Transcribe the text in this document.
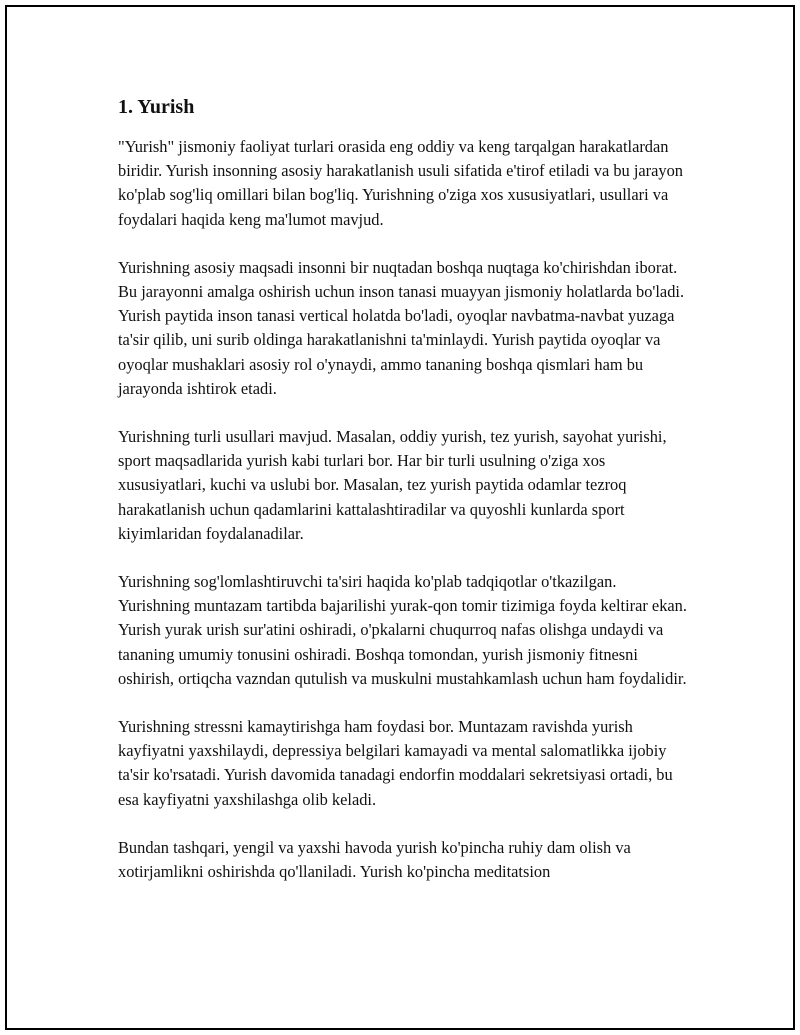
1. Yurish

"Yurish" jismoniy faoliyat turlari orasida eng oddiy va keng tarqalgan harakatlardan biridir. Yurish insonning asosiy harakatlanish usuli sifatida e'tirof etiladi va bu jarayon ko'plab sog'liq omillari bilan bog'liq. Yurishning o'ziga xos xususiyatlari, usullari va foydalari haqida keng ma'lumot mavjud.

Yurishning asosiy maqsadi insonni bir nuqtadan boshqa nuqtaga ko'chirishdan iborat. Bu jarayonni amalga oshirish uchun inson tanasi muayyan jismoniy holatlarda bo'ladi. Yurish paytida inson tanasi vertical holatda bo'ladi, oyoqlar navbatma-navbat yuzaga ta'sir qilib, uni surib oldinga harakatlanishni ta'minlaydi. Yurish paytida oyoqlar va oyoqlar mushaklari asosiy rol o'ynaydi, ammo tananing boshqa qismlari ham bu jarayonda ishtirok etadi.

Yurishning turli usullari mavjud. Masalan, oddiy yurish, tez yurish, sayohat yurishi, sport maqsadlarida yurish kabi turlari bor. Har bir turli usulning o'ziga xos xususiyatlari, kuchi va uslubi bor. Masalan, tez yurish paytida odamlar tezroq harakatlanish uchun qadamlarini kattalashtiradilar va quyoshli kunlarda sport kiyimlaridan foydalanadilar.

Yurishning sog'lomlashtiruvchi ta'siri haqida ko'plab tadqiqotlar o'tkazilgan. Yurishning muntazam tartibda bajarilishi yurak-qon tomir tizimiga foyda keltirar ekan. Yurish yurak urish sur'atini oshiradi, o'pkalarni chuqurroq nafas olishga undaydi va tananing umumiy tonusini oshiradi. Boshqa tomondan, yurish jismoniy fitnesni oshirish, ortiqcha vazndan qutulish va muskulni mustahkamlash uchun ham foydalidir.

Yurishning stressni kamaytirishga ham foydasi bor. Muntazam ravishda yurish kayfiyatni yaxshilaydi, depressiya belgilari kamayadi va mental salomatlikka ijobiy ta'sir ko'rsatadi. Yurish davomida tanadagi endorfin moddalari sekretsiyasi ortadi, bu esa kayfiyatni yaxshilashga olib keladi.

Bundan tashqari, yengil va yaxshi havoda yurish ko'pincha ruhiy dam olish va xotirjamlikni oshirishda qo'llaniladi. Yurish ko'pincha meditatsion
